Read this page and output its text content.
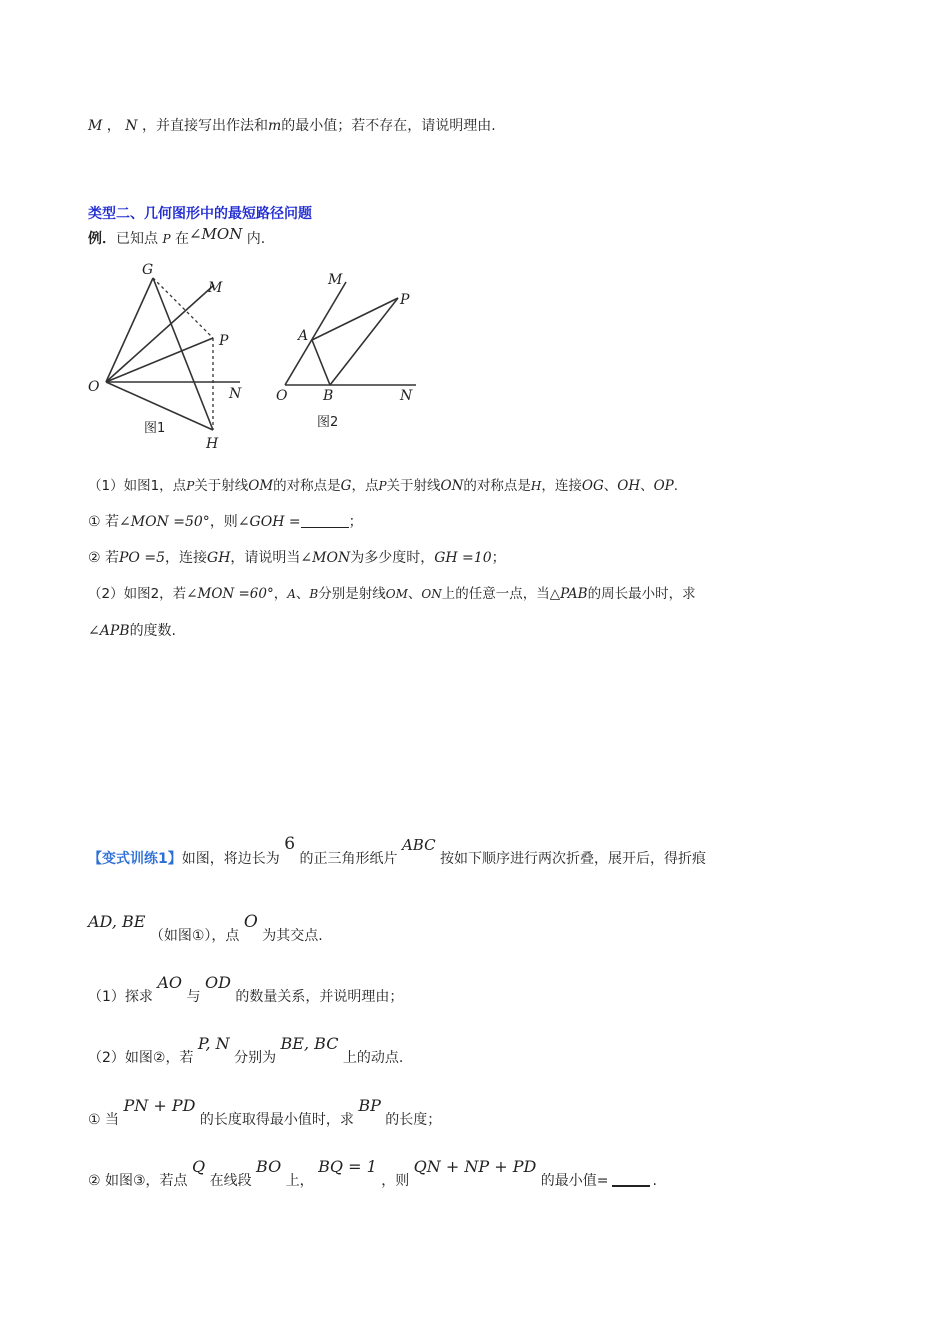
M ， N ，并直接写出作法和m的最小值；若不存在，请说明理由.
类型二、几何图形中的最短路径问题
例．已知点 P 在∠MON 内.
G
M
P
O	N
H
图1
M
P
A
O	B	N
图2
（1）如图1，点P关于射线OM的对称点是G，点P关于射线ON的对称点是H，连接OG、OH、OP.
① 若∠MON =50°，则∠GOH =	；
② 若PO =5，连接GH，请说明当∠MON为多少度时，GH =10；
（2）如图2，若∠MON =60°，A、B分别是射线OM、ON上的任意一点，当△PAB的周长最小时，求
∠APB的度数.
【变式训练1】如图，将边长为 6 的正三角形纸片 ABC 按如下顺序进行两次折叠，展开后，得折痕
AD, BE （如图①），点 O 为其交点.
（1）探求 AO 与 OD 的数量关系，并说明理由；
（2）如图②，若 P, N 分别为 BE, BC 上的动点.
① 当 PN + PD 的长度取得最小值时，求 BP 的长度；
② 如图③，若点 Q 在线段 BO 上， BQ = 1 ，则 QN + NP + PD 的最小值=	.
